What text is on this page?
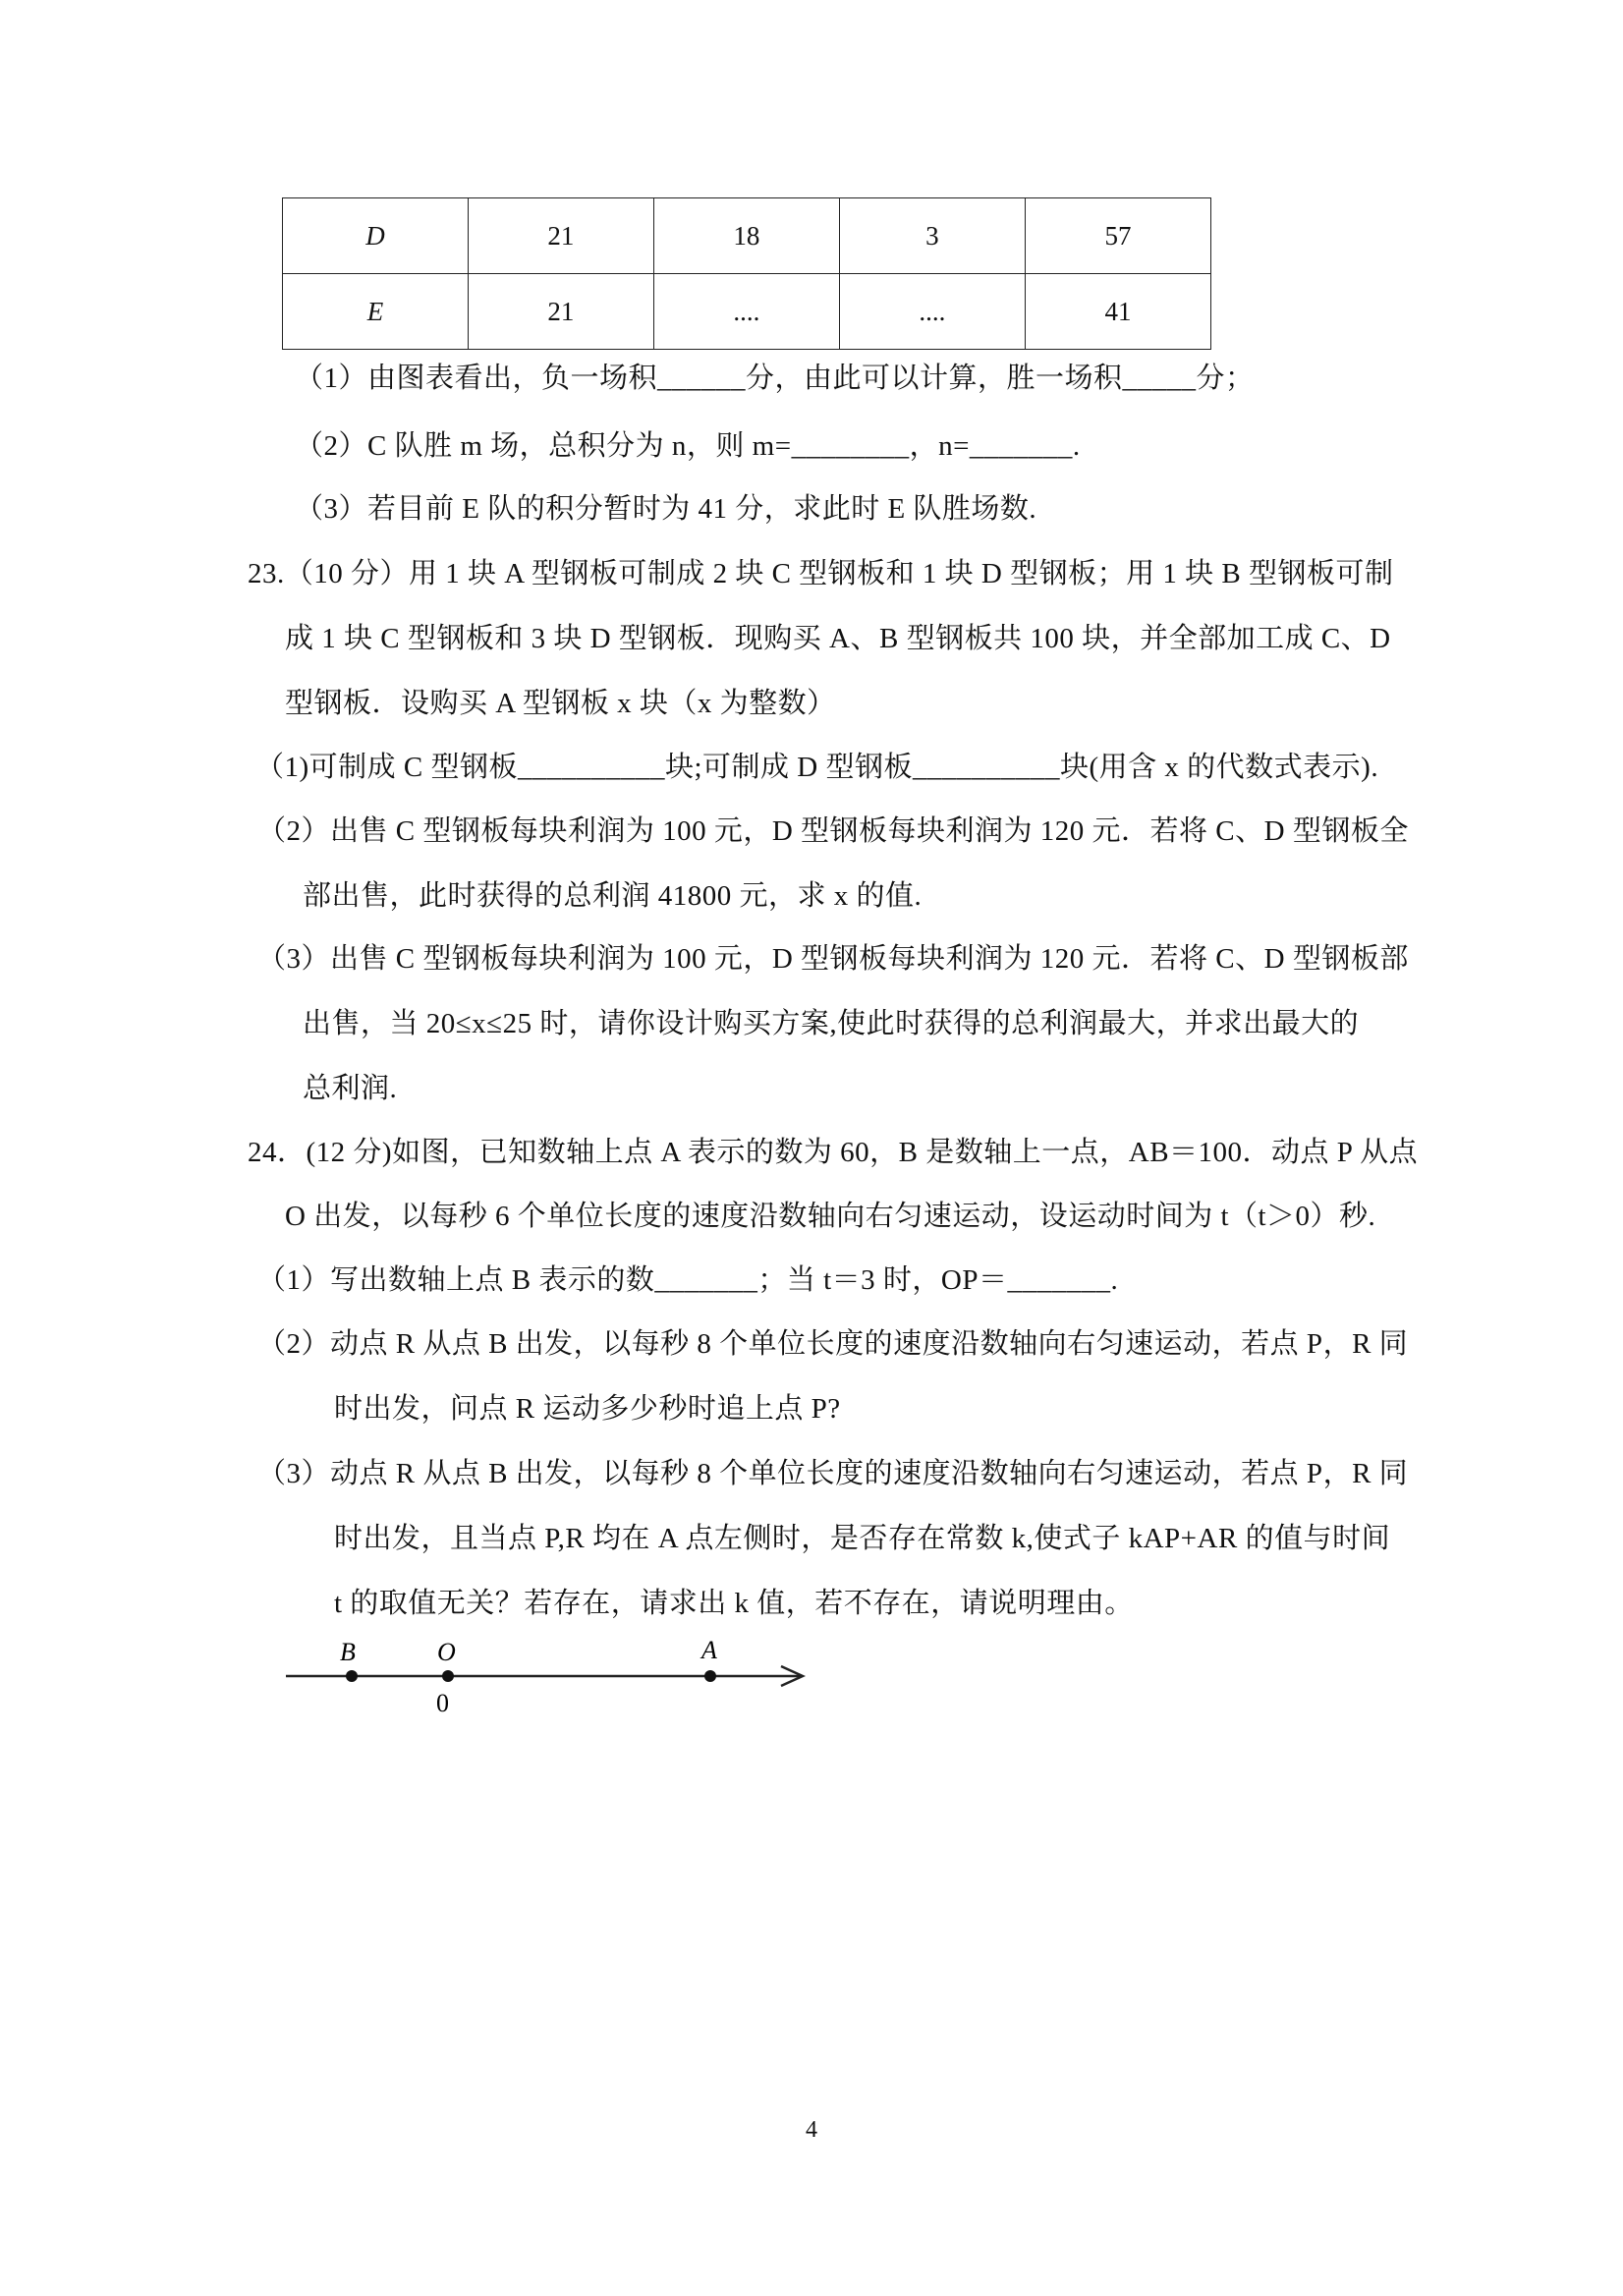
D	21	18	3	57
E	21	....	....	41
（1）由图表看出，负一场积______分，由此可以计算，胜一场积_____分；
（2）C 队胜 m 场，总积分为 n，则 m=________，n=_______.
（3）若目前 E 队的积分暂时为 41 分，求此时 E 队胜场数.
23.（10 分）用 1 块 A 型钢板可制成 2 块 C 型钢板和 1 块 D 型钢板；用 1 块 B 型钢板可制
成 1 块 C 型钢板和 3 块 D 型钢板．现购买 A、B 型钢板共 100 块，并全部加工成 C、D
型钢板．设购买 A 型钢板 x 块（x 为整数）
（1)可制成 C 型钢板__________块;可制成 D 型钢板__________块(用含 x 的代数式表示).
（2）出售 C 型钢板每块利润为 100 元，D 型钢板每块利润为 120 元．若将 C、D 型钢板全
部出售，此时获得的总利润 41800 元，求 x 的值.
（3）出售 C 型钢板每块利润为 100 元，D 型钢板每块利润为 120 元．若将 C、D 型钢板部
出售，当 20≤x≤25 时，请你设计购买方案,使此时获得的总利润最大，并求出最大的
总利润.
24．(12 分)如图，已知数轴上点 A 表示的数为 60，B 是数轴上一点，AB＝100．动点 P 从点
O 出发，以每秒 6 个单位长度的速度沿数轴向右匀速运动，设运动时间为 t（t＞0）秒.
（1）写出数轴上点 B 表示的数_______；当 t＝3 时，OP＝_______.
（2）动点 R 从点 B 出发，以每秒 8 个单位长度的速度沿数轴向右匀速运动，若点 P，R 同
时出发，问点 R 运动多少秒时追上点 P?
（3）动点 R 从点 B 出发，以每秒 8 个单位长度的速度沿数轴向右匀速运动，若点 P，R 同
时出发，且当点 P,R 均在 A 点左侧时，是否存在常数 k,使式子 kAP+AR 的值与时间
t 的取值无关？若存在，请求出 k 值，若不存在，请说明理由。
B	O	A
0
4
